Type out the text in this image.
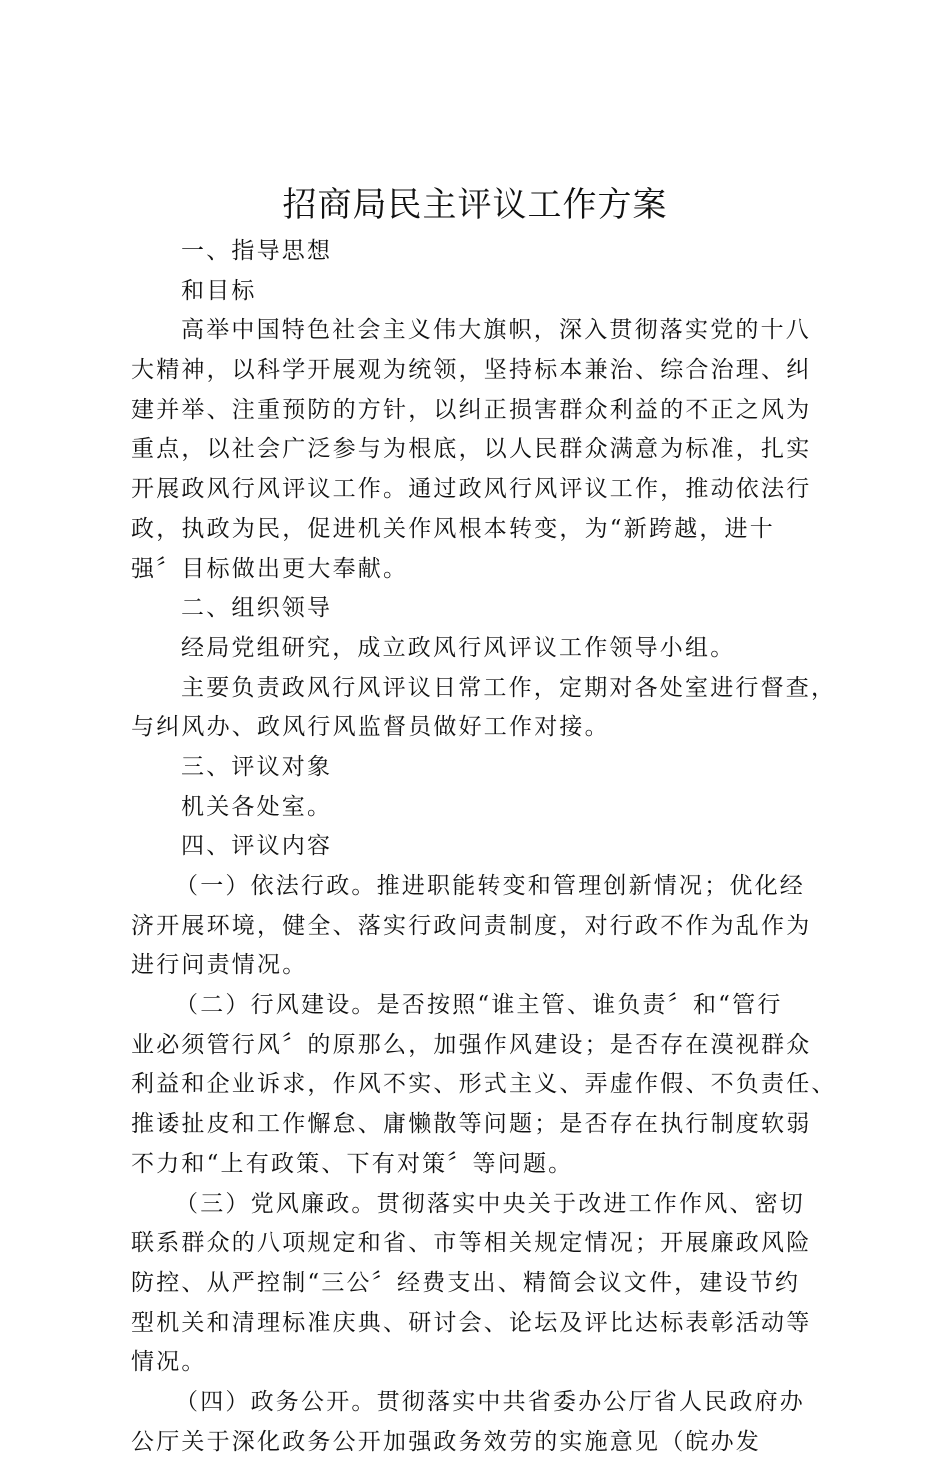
招商局民主评议工作方案
一、指导思想
和目标
高举中国特色社会主义伟大旗帜，深入贯彻落实党的十八
大精神，以科学开展观为统领，坚持标本兼治、综合治理、纠
建并举、注重预防的方针，以纠正损害群众利益的不正之风为
重点，以社会广泛参与为根底，以人民群众满意为标准，扎实
开展政风行风评议工作。通过政风行风评议工作，推动依法行
政，执政为民，促进机关作风根本转变，为“新跨越，进十
强〞目标做出更大奉献。
二、组织领导
经局党组研究，成立政风行风评议工作领导小组。
主要负责政风行风评议日常工作，定期对各处室进行督查，
与纠风办、政风行风监督员做好工作对接。
三、评议对象
机关各处室。
四、评议内容
（一）依法行政。推进职能转变和管理创新情况；优化经
济开展环境，健全、落实行政问责制度，对行政不作为乱作为
进行问责情况。
（二）行风建设。是否按照“谁主管、谁负责〞和“管行
业必须管行风〞的原那么，加强作风建设；是否存在漠视群众
利益和企业诉求，作风不实、形式主义、弄虚作假、不负责任、
推诿扯皮和工作懈怠、庸懒散等问题；是否存在执行制度软弱
不力和“上有政策、下有对策〞等问题。
（三）党风廉政。贯彻落实中央关于改进工作作风、密切
联系群众的八项规定和省、市等相关规定情况；开展廉政风险
防控、从严控制“三公〞经费支出、精简会议文件，建设节约
型机关和清理标准庆典、研讨会、论坛及评比达标表彰活动等
情况。
（四）政务公开。贯彻落实中共省委办公厅省人民政府办
公厅关于深化政务公开加强政务效劳的实施意见（皖办发
